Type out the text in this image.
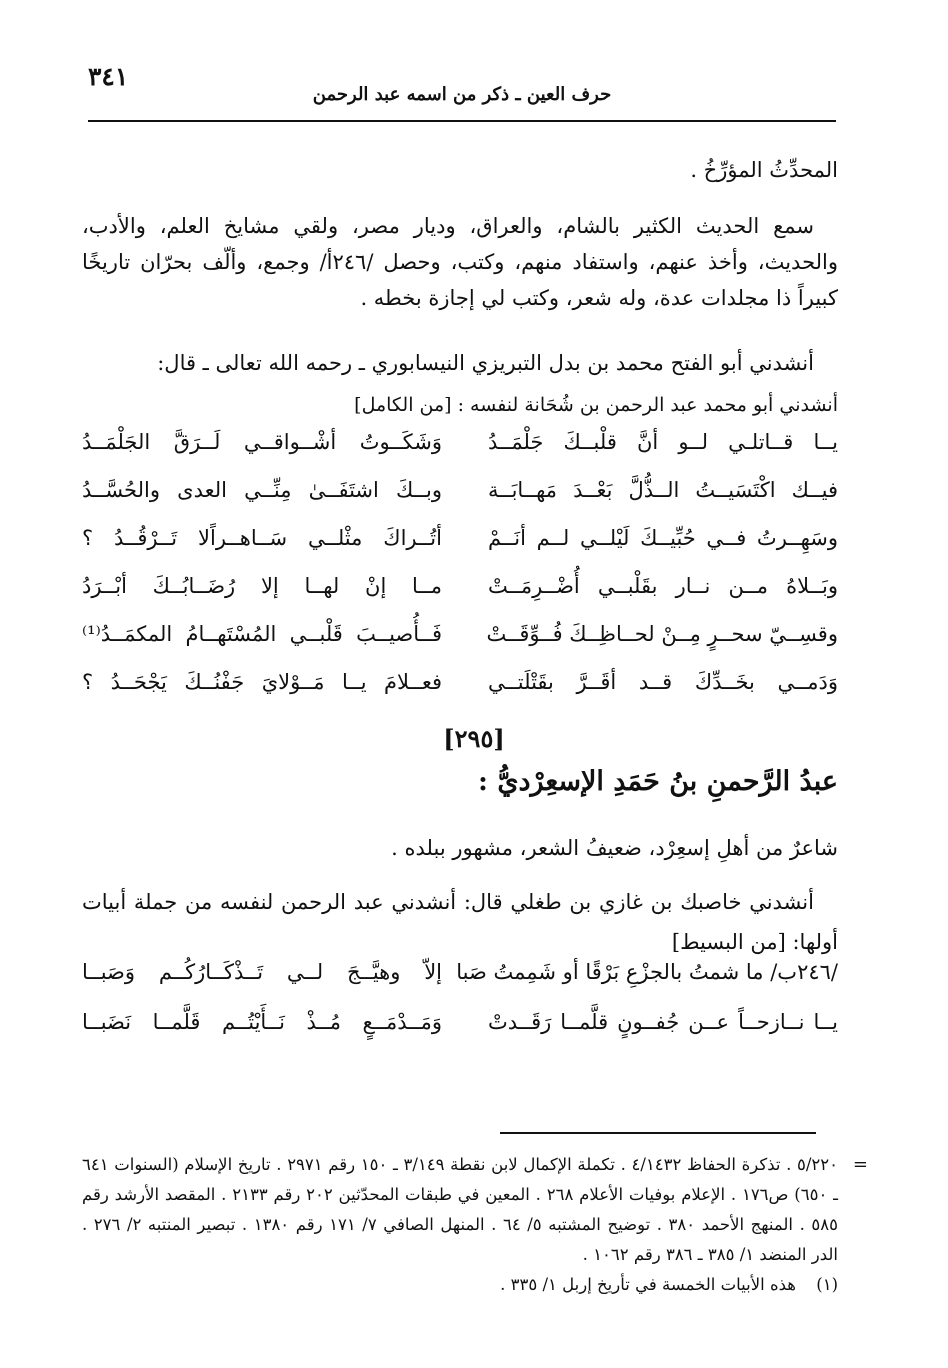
٣٤١
حرف العين ـ ذكر من اسمه عبد الرحمن
المحدِّثُ المؤرِّخُ .
سمع الحديث الكثير بالشام، والعراق، وديار مصر، ولقي مشايخ العلم، والأدب، والحديث، وأخذ عنهم، واستفاد منهم، وكتب، وحصل /٢٤٦أ/ وجمع، وألّف بحرّان تاريخًا كبيراً ذا مجلدات عدة، وله شعر، وكتب لي إجازة بخطه .
أنشدني أبو الفتح محمد بن بدل التبريزي النيسابوري ـ رحمه الله تعالى ـ قال:
أنشدني أبو محمد عبد الرحمن بن شُحَانة لنفسه : [من الكامل]
يــا قــاتلـي لــو أنَّ قلْبــكَ جَلْمَــدُ
وَشَكَــوتُ أشْــواقــي لَــرَقَّ الجَلْمَــدُ
فيــك اكْتَسَيــتُ الــذُّلَّ بَعْــدَ مَهــابَــة
وبــكَ اشتَفَــىٰ مِنِّــي العدى والحُسَّــدُ
وسَهِــرتُ فــي حُبِّيــكَ لَيْلــي لــم أنَــمْ
أتُــراكَ مثْلــي سَــاهــراًلا تَــرْقُــدُ ؟
وبَــلاهُ مــن نــار بقَلْبــي أُضْــرِمَــتْ
مــا إنْ لهــا إلا رُضَــابُــكَ أبْــرَدُ
وقسِــيّ سحــرٍ مِــنْ لحــاظِــكَ فُــوِّقَــتْ
فَــأُصيــبَ قَلْبــي المُسْتَهــامُ المكمَــدُ⁽¹⁾
وَدَمــي بخَــدِّكَ قــد أقَــرَّ بقَتْلَتــي
فعــلامَ يــا مَــوْلايَ جَفْنُــكَ يَجْحَــدُ ؟
[٢٩٥]
عبدُ الرَّحمنِ بنُ حَمَدِ الإسعِرْديُّ :
شاعرٌ من أهلِ إسعِرْد، ضعيفُ الشعر، مشهور ببلده .
أنشدني خاصبك بن غازي بن طغلي قال: أنشدني عبد الرحمن لنفسه من جملة أبيات أولها: [من البسيط]
/٢٤٦ب/ ما شمتُ بالجزْعِ بَرْقًا أو شَمِمتُ صَبا
إلاّ وهيَّــجَ لــي تَــذْكَــارُكُــم وَصَبــا
يــا نــازحــاً عــن جُفــونٍ قلَّمــا رَقَــدتْ
وَمَــدْمَــعٍ مُــذْ نَــأَيْتُــم قَلَّمــا نَضَبــا
=
٥/٢٢٠ . تذكرة الحفاظ ٤/١٤٣٢ . تكملة الإكمال لابن نقطة ٣/١٤٩ ـ ١٥٠ رقم ٢٩٧١ . تاريخ الإسلام (السنوات ٦٤١ ـ ٦٥٠) ص١٧٦ . الإعلام بوفيات الأعلام ٢٦٨ . المعين في طبقات المحدّثين ٢٠٢ رقم ٢١٣٣ . المقصد الأرشد رقم ٥٨٥ . المنهج الأحمد ٣٨٠ . توضيح المشتبه ٥/ ٦٤ . المنهل الصافي ٧/ ١٧١ رقم ١٣٨٠ . تبصير المنتبه ٢/ ٢٧٦ . الدر المنضد ١/ ٣٨٥ ـ ٣٨٦ رقم ١٠٦٢ .
( ١ )
هذه الأبيات الخمسة في تأريخ إربل ١/ ٣٣٥ .
